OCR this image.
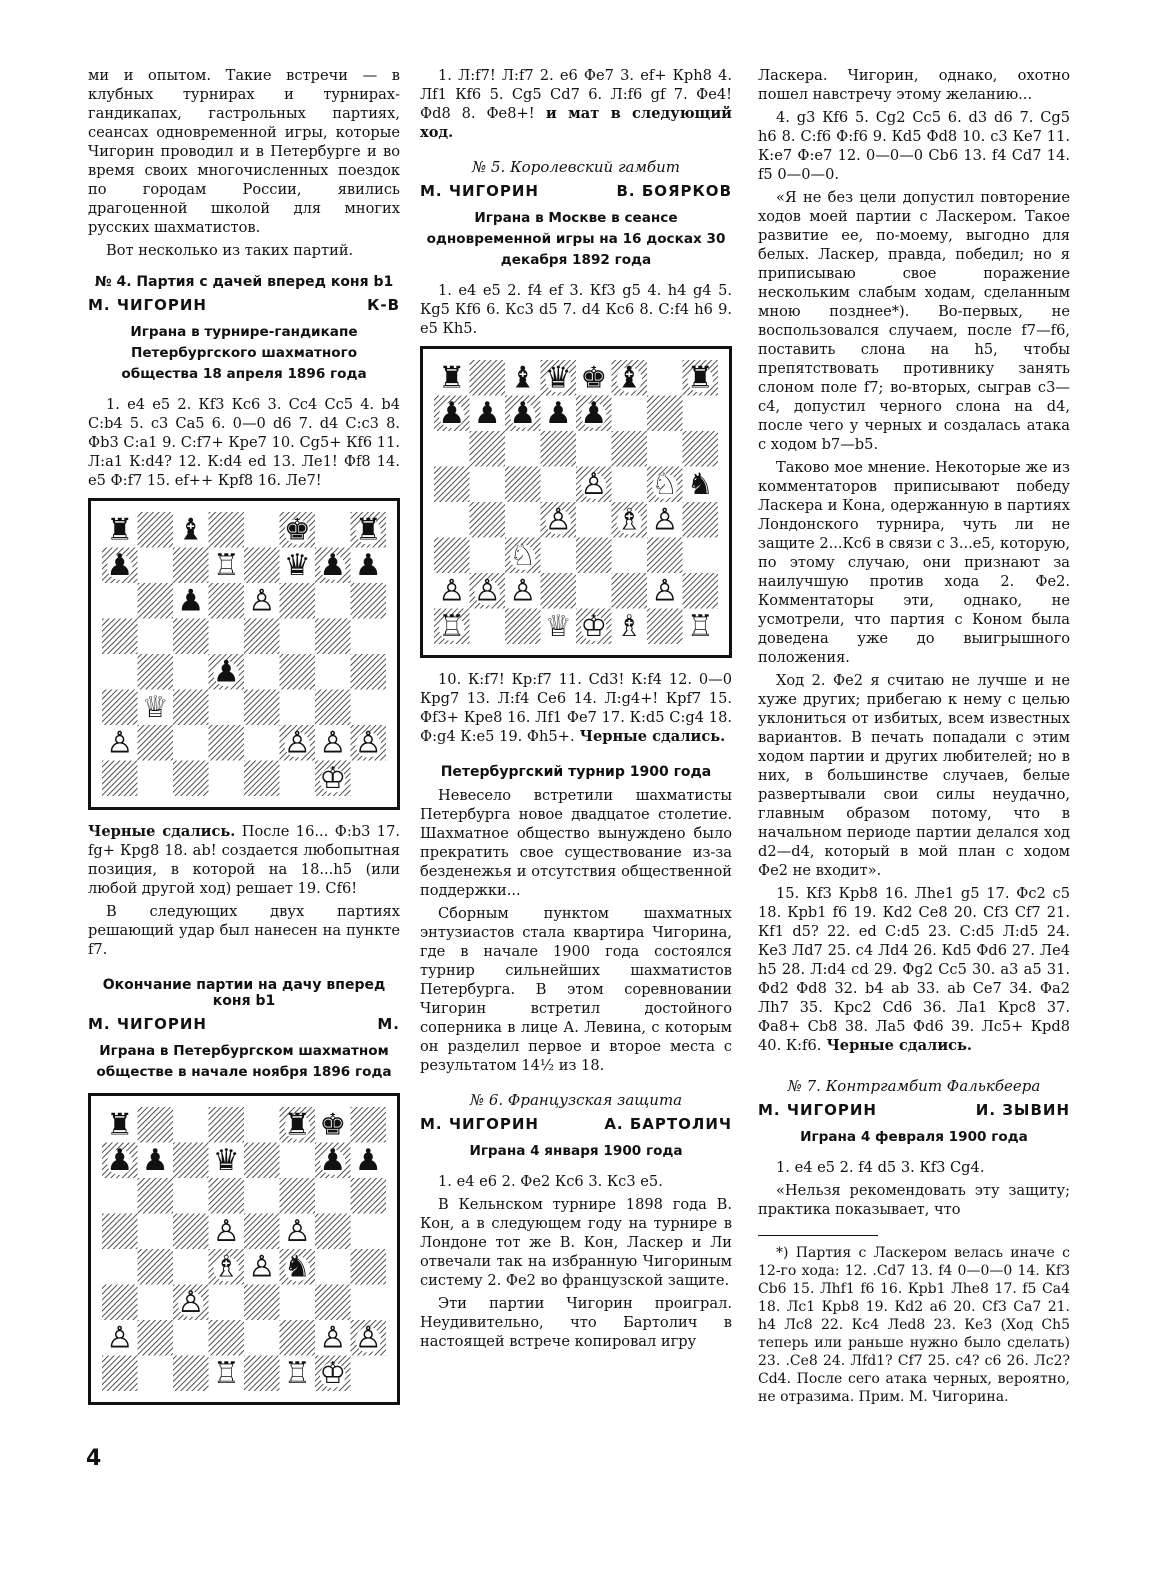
ми и опытом. Такие встречи — в клубных турнирах и турнирах-гандикапах, гастрольных партиях, сеансах одновременной игры, которые Чигорин проводил и в Петербурге и во время своих многочисленных поездок по городам России, явились драгоценной школой для многих русских шахматистов.

Вот несколько из таких партий.

№ 4. Партия с дачей вперед коня b1
М. ЧИГОРИН	К-В
Играна в турнире-гандикапе Петербургского шахматного общества 18 апреля 1896 года

1. e4 e5 2. Кf3 Кс6 3. Сс4 Сс5 4. b4 С:b4 5. с3 Са5 6. 0—0 d6 7. d4 С:с3 8. Фb3 С:а1 9. С:f7+ Крe7 10. Сg5+ Кf6 11. Л:а1 К:d4? 12. К:d4 ed 13. Лe1! Фf8 14. e5 Ф:f7 15. ef++ Крf8 16. Лe7!

♜ ♝	♚ ♜
♟	♖ ♛ ♟ ♟
♟ ♙
♟
♕
♙	♙ ♙ ♙
♔

Черные сдались. После 16... Ф:b3 17. fg+ Крg8 18. ab! создается любопытная позиция, в которой на 18...h5 (или любой другой ход) решает 19. Сf6!

В следующих двух партиях решающий удар был нанесен на пункте f7.

Окончание партии на дачу вперед коня b1
М. ЧИГОРИН	М.
Играна в Петербургском шахматном обществе в начале ноября 1896 года
♜	♜ ♚
♟ ♟ ♛	♟ ♟
♙ ♙
♗ ♙ ♞
♙
♙	♙ ♙
♖ ♖ ♔

1. Л:f7! Л:f7 2. e6 Фe7 3. ef+ Крh8 4. Лf1 Кf6 5. Сg5 Сd7 6. Л:f6 gf 7. Фe4! Фd8 8. Фe8+! и мат в следующий ход.

№ 5. Королевский гамбит
М. ЧИГОРИН	В. БОЯРКОВ
Играна в Москве в сеансе одновременной игры на 16 досках 30 декабря 1892 года

1. e4 e5 2. f4 ef 3. Кf3 g5 4. h4 g4 5. Кg5 Кf6 6. Кс3 d5 7. d4 Кс6 8. С:f4 h6 9. e5 Кh5.

♜ ♝ ♛ ♚ ♝ ♜
♟ ♟ ♟ ♟ ♟
♙ ♘ ♞
♙ ♗ ♙
♘
♙ ♙ ♙	♙
♖	♕ ♔ ♗ ♖

10. К:f7! Кр:f7 11. Сd3! К:f4 12. 0—0 Крg7 13. Л:f4 Сe6 14. Л:g4+! Крf7 15. Фf3+ Крe8 16. Лf1 Фe7 17. К:d5 С:g4 18. Ф:g4 К:e5 19. Фh5+. Черные сдались.

Петербургский турнир 1900 года

Невесело встретили шахматисты Петербурга новое двадцатое столетие. Шахматное общество вынуждено было прекратить свое существование из-за безденежья и отсутствия общественной поддержки...

Сборным пунктом шахматных энтузиастов стала квартира Чигорина, где в начале 1900 года состоялся турнир сильнейших шахматистов Петербурга. В этом соревновании Чигорин встретил достойного соперника в лице А. Левина, с которым он разделил первое и второе места с результатом 14½ из 18.

№ 6. Французская защита
М. ЧИГОРИН	А. БАРТОЛИЧ
Играна 4 января 1900 года

1. e4 e6 2. Фe2 Кс6 3. Кс3 e5.

В Кельнском турнире 1898 года В. Кон, а в следующем году на турнире в Лондоне тот же В. Кон, Ласкер и Ли отвечали так на избранную Чигориным систему 2. Фe2 во французской защите.

Эти партии Чигорин проиграл. Неудивительно, что Бартолич в настоящей встрече копировал игру

Ласкера. Чигорин, однако, охотно пошел навстречу этому желанию...

4. g3 Кf6 5. Сg2 Сс5 6. d3 d6 7. Сg5 h6 8. С:f6 Ф:f6 9. Кd5 Фd8 10. с3 Кe7 11. К:e7 Ф:e7 12. 0—0—0 Сb6 13. f4 Сd7 14. f5 0—0—0.

«Я не без цели допустил повторение ходов моей партии с Ласкером. Такое развитие ее, по-моему, выгодно для белых. Ласкер, правда, победил; но я приписываю свое поражение нескольким слабым ходам, сделанным мною позднее*). Во-первых, не воспользовался случаем, после f7—f6, поставить слона на h5, чтобы препятствовать противнику занять слоном поле f7; во-вторых, сыграв с3—с4, допустил черного слона на d4, после чего у черных и создалась атака с ходом b7—b5.

Таково мое мнение. Некоторые же из комментаторов приписывают победу Ласкера и Кона, одержанную в партиях Лондонского турнира, чуть ли не защите 2...Кс6 в связи с 3...e5, которую, по этому случаю, они признают за наилучшую против хода 2. Фe2. Комментаторы эти, однако, не усмотрели, что партия с Коном была доведена уже до выигрышного положения.

Ход 2. Фe2 я считаю не лучше и не хуже других; прибегаю к нему с целью уклониться от избитых, всем известных вариантов. В печать попадали с этим ходом партии и других любителей; но в них, в большинстве случаев, белые развертывали свои силы неудачно, главным образом потому, что в начальном периоде партии делался ход d2—d4, который в мой план с ходом Фe2 не входит».

15. Кf3 Крb8 16. Лhe1 g5 17. Фс2 с5 18. Крb1 f6 19. Кd2 Сe8 20. Сf3 Сf7 21. Кf1 d5? 22. ed С:d5 23. С:d5 Л:d5 24. Кe3 Лd7 25. с4 Лd4 26. Кd5 Фd6 27. Лe4 h5 28. Л:d4 cd 29. Фg2 Сс5 30. а3 а5 31. Фd2 Фd8 32. b4 ab 33. ab Сe7 34. Фа2 Лh7 35. Крс2 Сd6 36. Лa1 Крс8 37. Фа8+ Сb8 38. Лa5 Фd6 39. Лс5+ Крd8 40. К:f6. Черные сдались.

№ 7. Контргамбит Фалькбеера
М. ЧИГОРИН	И. ЗЫВИН
Играна 4 февраля 1900 года

1. e4 e5 2. f4 d5 3. Кf3 Сg4.

«Нельзя рекомендовать эту защиту; практика показывает, что

*) Партия с Ласкером велась иначе с 12-го хода: 12. .Сd7 13. f4 0—0—0 14. Кf3 Сb6 15. Лhf1 f6 16. Крb1 Лhe8 17. f5 Са4 18. Лс1 Крb8 19. Кd2 а6 20. Сf3 Са7 21. h4 Лс8 22. Кс4 Лed8 23. Кe3 (Ход Сh5 теперь или раньше нужно было сделать) 23. .Сe8 24. Лfd1? Сf7 25. с4? с6 26. Лс2? Сd4. После сего атака черных, вероятно, не отразима. Прим. М. Чигорина.

4
